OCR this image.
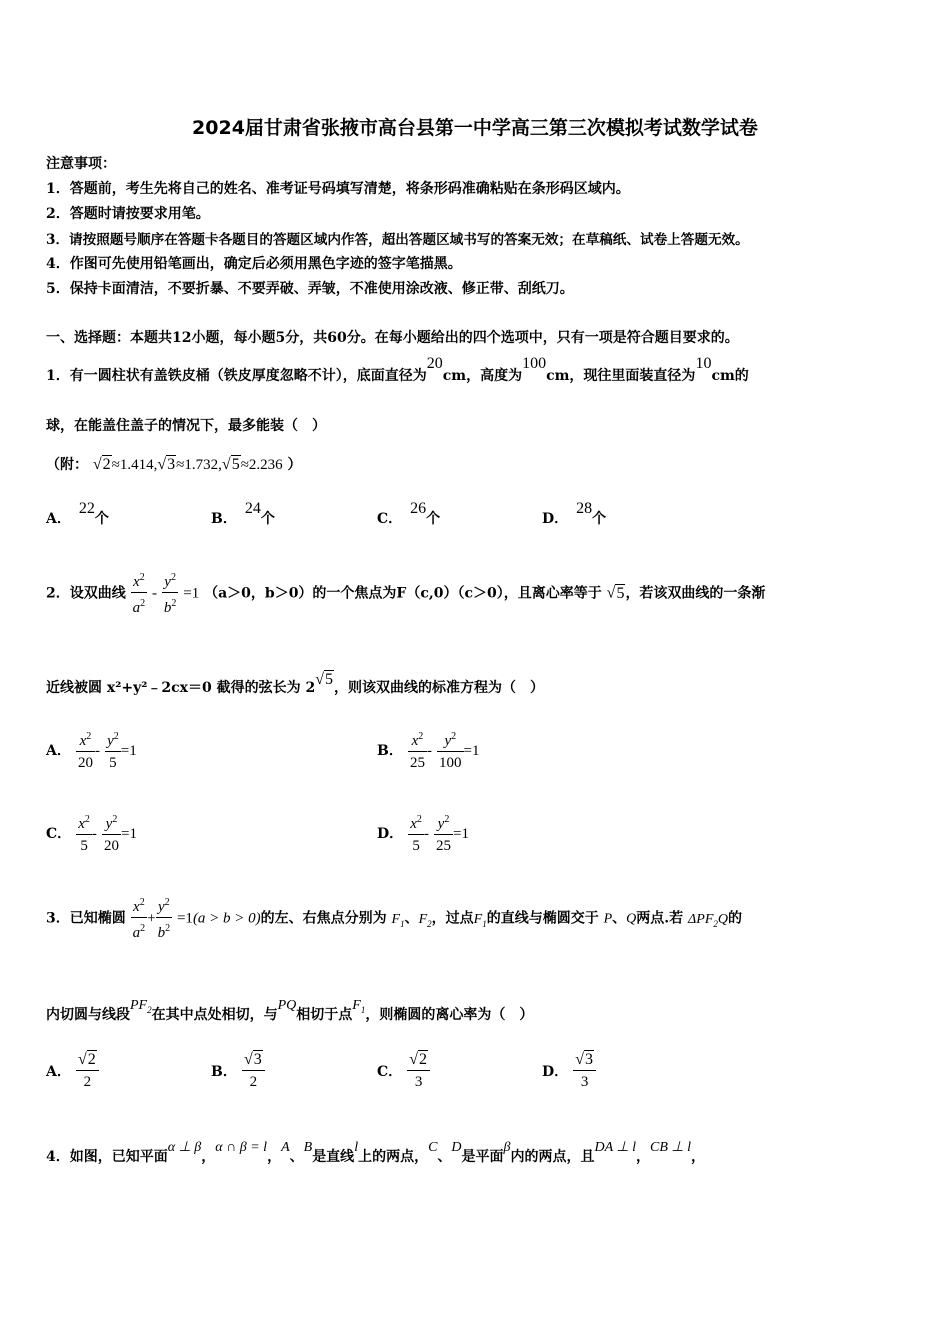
2024届甘肃省张掖市高台县第一中学高三第三次模拟考试数学试卷
注意事项：
1．答题前，考生先将自己的姓名、准考证号码填写清楚，将条形码准确粘贴在条形码区域内。
2．答题时请按要求用笔。
3．请按照题号顺序在答题卡各题目的答题区域内作答，超出答题区域书写的答案无效；在草稿纸、试卷上答题无效。
4．作图可先使用铅笔画出，确定后必须用黑色字迹的签字笔描黑。
5．保持卡面清洁，不要折暴、不要弄破、弄皱，不准使用涂改液、修正带、刮纸刀。
一、选择题：本题共12小题，每小题5分，共60分。在每小题给出的四个选项中，只有一项是符合题目要求的。
1．有一圆柱状有盖铁皮桶（铁皮厚度忽略不计），底面直径为20cm，高度为100cm，现往里面装直径为10cm的
球，在能盖住盖子的情况下，最多能装（　）
（附： √2≈1.414,√3≈1.732,√5≈2.236 ）
A．22个	B．24个	C．26个	D．28个
2．设双曲线 $\frac{x^2}{a^2} - \frac{y^2}{b^2} =1$ （a＞0，b＞0）的一个焦点为F（c,0）（c＞0），且离心率等于 √5，若该双曲线的一条渐
近线被圆 x²+y²﹣2cx＝0 截得的弦长为 2√5，则该双曲线的标准方程为（　）
A． $\frac{x^2}{20} - \frac{y^2}{5} =1$	B． $\frac{x^2}{25} - \frac{y^2}{100} =1$
C． $\frac{x^2}{5} - \frac{y^2}{20} =1$	D． $\frac{x^2}{5} - \frac{y^2}{25} =1$
3．已知椭圆 $\frac{x^2}{a^2} + \frac{y^2}{b^2} =1(a > b > 0)$的左、右焦点分别为 $F_1$、$F_2$，过点$F_1$的直线与椭圆交于 P、Q两点.若 $\Delta PF_2Q$的
内切圆与线段$PF_2$在其中点处相切，与PQ相切于点$F_1$，则椭圆的离心率为（　）
A． $\frac{√2}{2}$	B． $\frac{√3}{2}$	C． $\frac{√2}{3}$	D． $\frac{√3}{3}$
4．如图，已知平面α ⊥ β，α ∩ β = l，A、B是直线l上的两点，C、D是平面β内的两点，且DA ⊥ l，CB ⊥ l，
